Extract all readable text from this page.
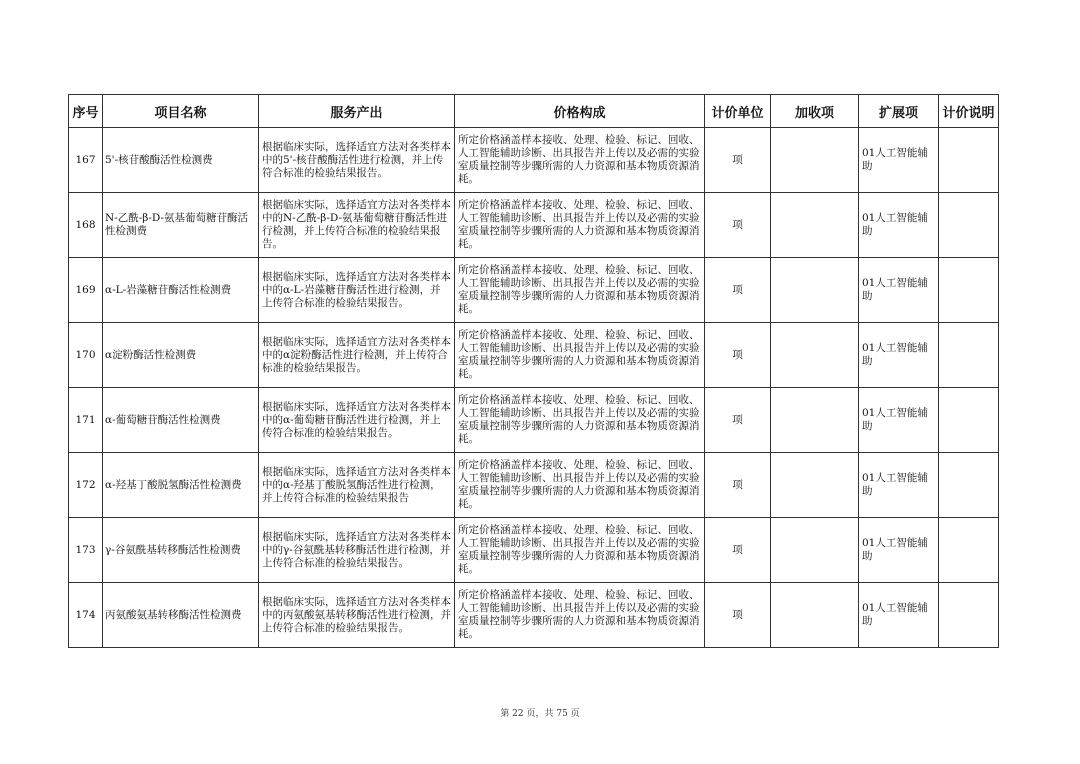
序号	项目名称	服务产出	价格构成	计价单位	加收项	扩展项	计价说明
167	5'-核苷酸酶活性检测费	根据临床实际，选择适宜方法对各类样本中的5'-核苷酸酶活性进行检测，并上传符合标准的检验结果报告。	所定价格涵盖样本接收、处理、检验、标记、回收、人工智能辅助诊断、出具报告并上传以及必需的实验室质量控制等步骤所需的人力资源和基本物质资源消耗。	项		01人工智能辅助	
168	N-乙酰-β-D-氨基葡萄糖苷酶活性检测费	根据临床实际，选择适宜方法对各类样本中的N-乙酰-β-D-氨基葡萄糖苷酶活性进行检测，并上传符合标准的检验结果报告。	所定价格涵盖样本接收、处理、检验、标记、回收、人工智能辅助诊断、出具报告并上传以及必需的实验室质量控制等步骤所需的人力资源和基本物质资源消耗。	项		01人工智能辅助	
169	α-L-岩藻糖苷酶活性检测费	根据临床实际，选择适宜方法对各类样本中的α-L-岩藻糖苷酶活性进行检测，并上传符合标准的检验结果报告。	所定价格涵盖样本接收、处理、检验、标记、回收、人工智能辅助诊断、出具报告并上传以及必需的实验室质量控制等步骤所需的人力资源和基本物质资源消耗。	项		01人工智能辅助	
170	α淀粉酶活性检测费	根据临床实际，选择适宜方法对各类样本中的α淀粉酶活性进行检测，并上传符合标准的检验结果报告。	所定价格涵盖样本接收、处理、检验、标记、回收、人工智能辅助诊断、出具报告并上传以及必需的实验室质量控制等步骤所需的人力资源和基本物质资源消耗。	项		01人工智能辅助	
171	α-葡萄糖苷酶活性检测费	根据临床实际，选择适宜方法对各类样本中的α-葡萄糖苷酶活性进行检测，并上传符合标准的检验结果报告。	所定价格涵盖样本接收、处理、检验、标记、回收、人工智能辅助诊断、出具报告并上传以及必需的实验室质量控制等步骤所需的人力资源和基本物质资源消耗。	项		01人工智能辅助	
172	α-羟基丁酸脱氢酶活性检测费	根据临床实际，选择适宜方法对各类样本中的α-羟基丁酸脱氢酶活性进行检测，并上传符合标准的检验结果报告	所定价格涵盖样本接收、处理、检验、标记、回收、人工智能辅助诊断、出具报告并上传以及必需的实验室质量控制等步骤所需的人力资源和基本物质资源消耗。	项		01人工智能辅助	
173	γ-谷氨酰基转移酶活性检测费	根据临床实际，选择适宜方法对各类样本中的γ-谷氨酰基转移酶活性进行检测，并上传符合标准的检验结果报告。	所定价格涵盖样本接收、处理、检验、标记、回收、人工智能辅助诊断、出具报告并上传以及必需的实验室质量控制等步骤所需的人力资源和基本物质资源消耗。	项		01人工智能辅助	
174	丙氨酸氨基转移酶活性检测费	根据临床实际，选择适宜方法对各类样本中的丙氨酸氨基转移酶活性进行检测，并上传符合标准的检验结果报告。	所定价格涵盖样本接收、处理、检验、标记、回收、人工智能辅助诊断、出具报告并上传以及必需的实验室质量控制等步骤所需的人力资源和基本物质资源消耗。	项		01人工智能辅助	
第 22 页，共 75 页
